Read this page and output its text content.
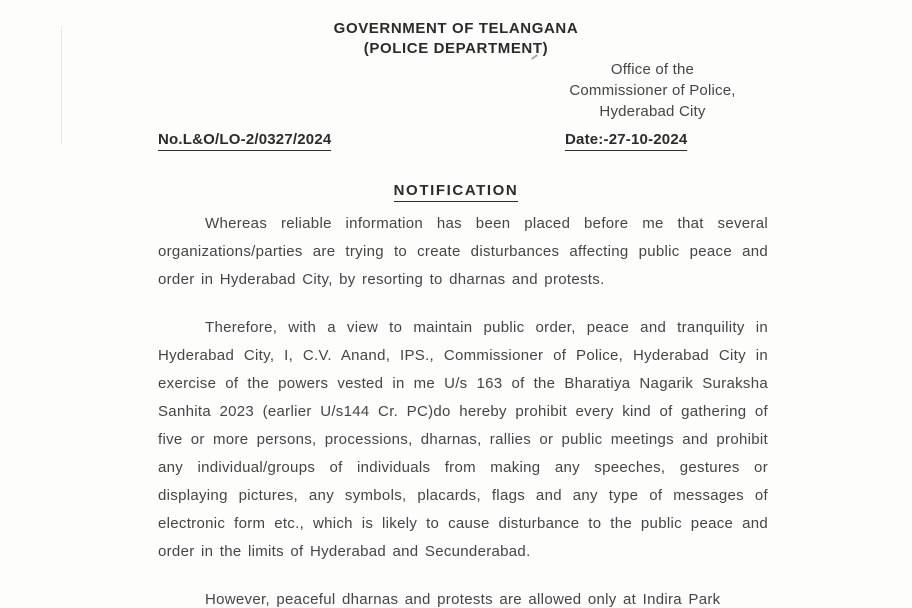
GOVERNMENT OF TELANGANA
(POLICE DEPARTMENT)
Office of the
Commissioner of Police,
Hyderabad City
No.L&O/LO-2/0327/2024	Date:-27-10-2024
NOTIFICATION

Whereas reliable information has been placed before me that several organizations/parties are trying to create disturbances affecting public peace and order in Hyderabad City, by resorting to dharnas and protests.

Therefore, with a view to maintain public order, peace and tranquility in Hyderabad City, I, C.V. Anand, IPS., Commissioner of Police, Hyderabad City in exercise of the powers vested in me U/s 163 of the Bharatiya Nagarik Suraksha Sanhita 2023 (earlier U/s144 Cr. PC)do hereby prohibit every kind of gathering of five or more persons, processions, dharnas, rallies or public meetings and prohibit any individual/groups of individuals from making any speeches, gestures or displaying pictures, any symbols, placards, flags and any type of messages of electronic form etc., which is likely to cause disturbance to the public peace and order in the limits of Hyderabad and Secunderabad.

However, peaceful dharnas and protests are allowed only at Indira Park
